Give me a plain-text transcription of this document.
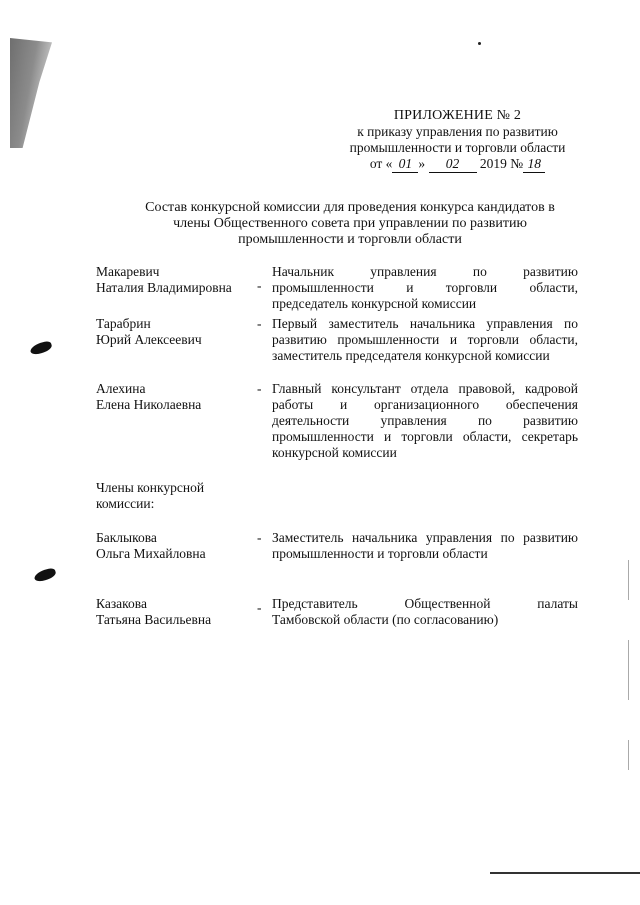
ПРИЛОЖЕНИЕ № 2
к приказу управления по развитию
промышленности и торговли области
от « 01 » 02 2019 № 18
Состав конкурсной комиссии для проведения конкурса кандидатов в
члены Общественного совета при управлении по развитию
промышленности и торговли области
Макаревич
Наталия Владимировна	-
Начальник управления по развитию
промышленности и торговли области,
председатель конкурсной комиссии
Тарабрин
Юрий Алексеевич
- Первый заместитель начальника управления по
развитию промышленности и торговли области,
заместитель председателя конкурсной комиссии
Алехина
Елена Николаевна
- Главный консультант отдела правовой, кадровой
работы и организационного обеспечения
деятельности управления по развитию
промышленности и торговли области, секретарь
конкурсной комиссии
Члены конкурсной
комиссии:
Баклыкова
Ольга Михайловна
- Заместитель начальника управления по развитию
промышленности и торговли области
Казакова
Татьяна Васильевна
- Представитель Общественной палаты
Тамбовской области (по согласованию)
